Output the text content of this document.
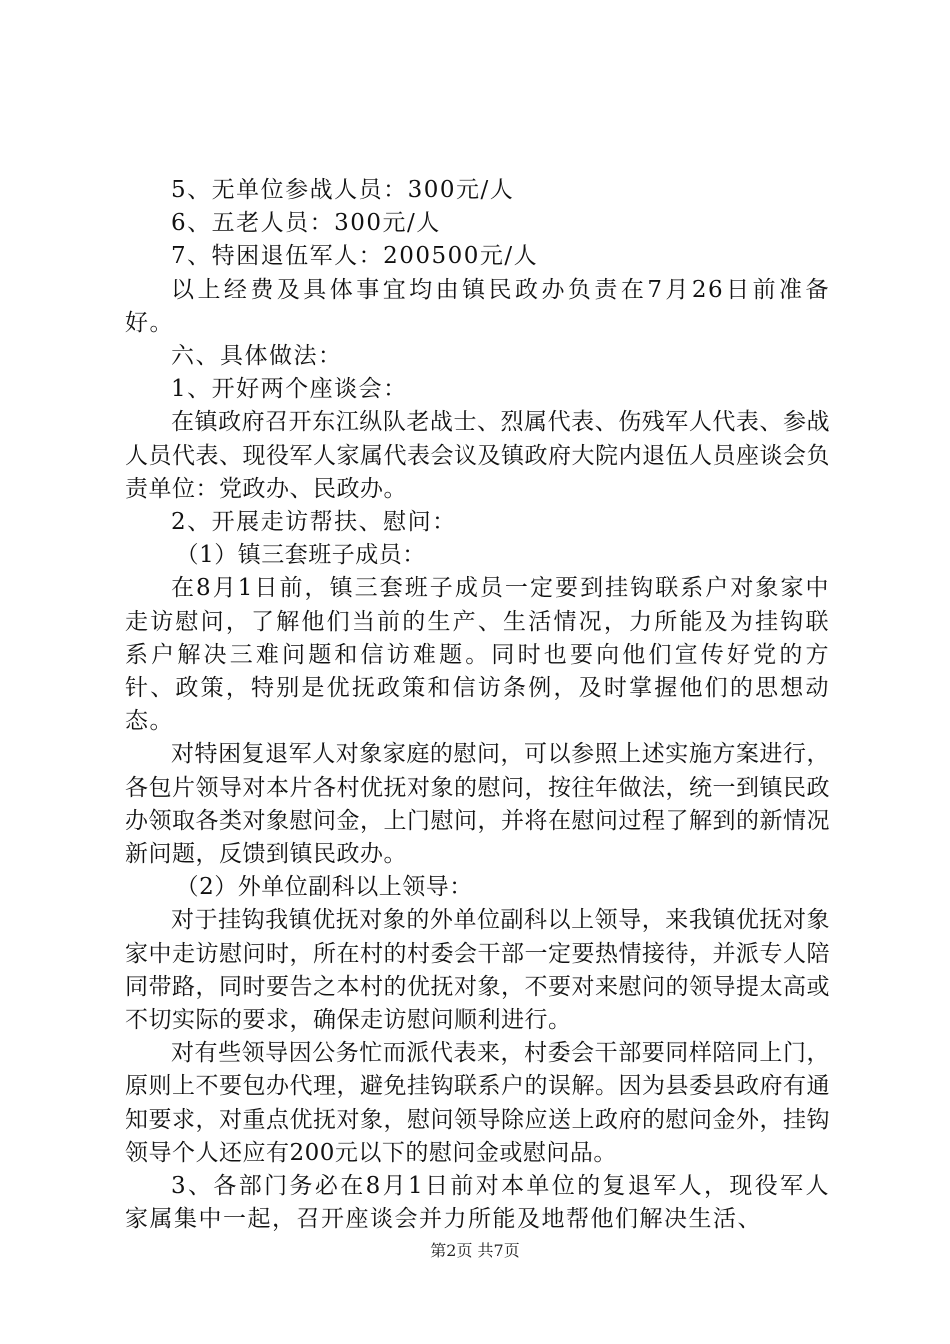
5、无单位参战人员：300元/人

6、五老人员：300元/人

7、特困退伍军人：200500元/人

以上经费及具体事宜均由镇民政办负责在7月26日前准备好。

六、具体做法：

1、开好两个座谈会：

在镇政府召开东江纵队老战士、烈属代表、伤残军人代表、参战人员代表、现役军人家属代表会议及镇政府大院内退伍人员座谈会负责单位：党政办、民政办。

2、开展走访帮扶、慰问：

（1）镇三套班子成员：

在8月1日前，镇三套班子成员一定要到挂钩联系户对象家中走访慰问，了解他们当前的生产、生活情况，力所能及为挂钩联系户解决三难问题和信访难题。同时也要向他们宣传好党的方针、政策，特别是优抚政策和信访条例，及时掌握他们的思想动态。

对特困复退军人对象家庭的慰问，可以参照上述实施方案进行，各包片领导对本片各村优抚对象的慰问，按往年做法，统一到镇民政办领取各类对象慰问金，上门慰问，并将在慰问过程了解到的新情况新问题，反馈到镇民政办。

（2）外单位副科以上领导：

对于挂钩我镇优抚对象的外单位副科以上领导，来我镇优抚对象家中走访慰问时，所在村的村委会干部一定要热情接待，并派专人陪同带路，同时要告之本村的优抚对象，不要对来慰问的领导提太高或不切实际的要求，确保走访慰问顺利进行。

对有些领导因公务忙而派代表来，村委会干部要同样陪同上门，原则上不要包办代理，避免挂钩联系户的误解。因为县委县政府有通知要求，对重点优抚对象，慰问领导除应送上政府的慰问金外，挂钩领导个人还应有200元以下的慰问金或慰问品。

3、各部门务必在8月1日前对本单位的复退军人，现役军人家属集中一起，召开座谈会并力所能及地帮他们解决生活、

第2页 共7页
